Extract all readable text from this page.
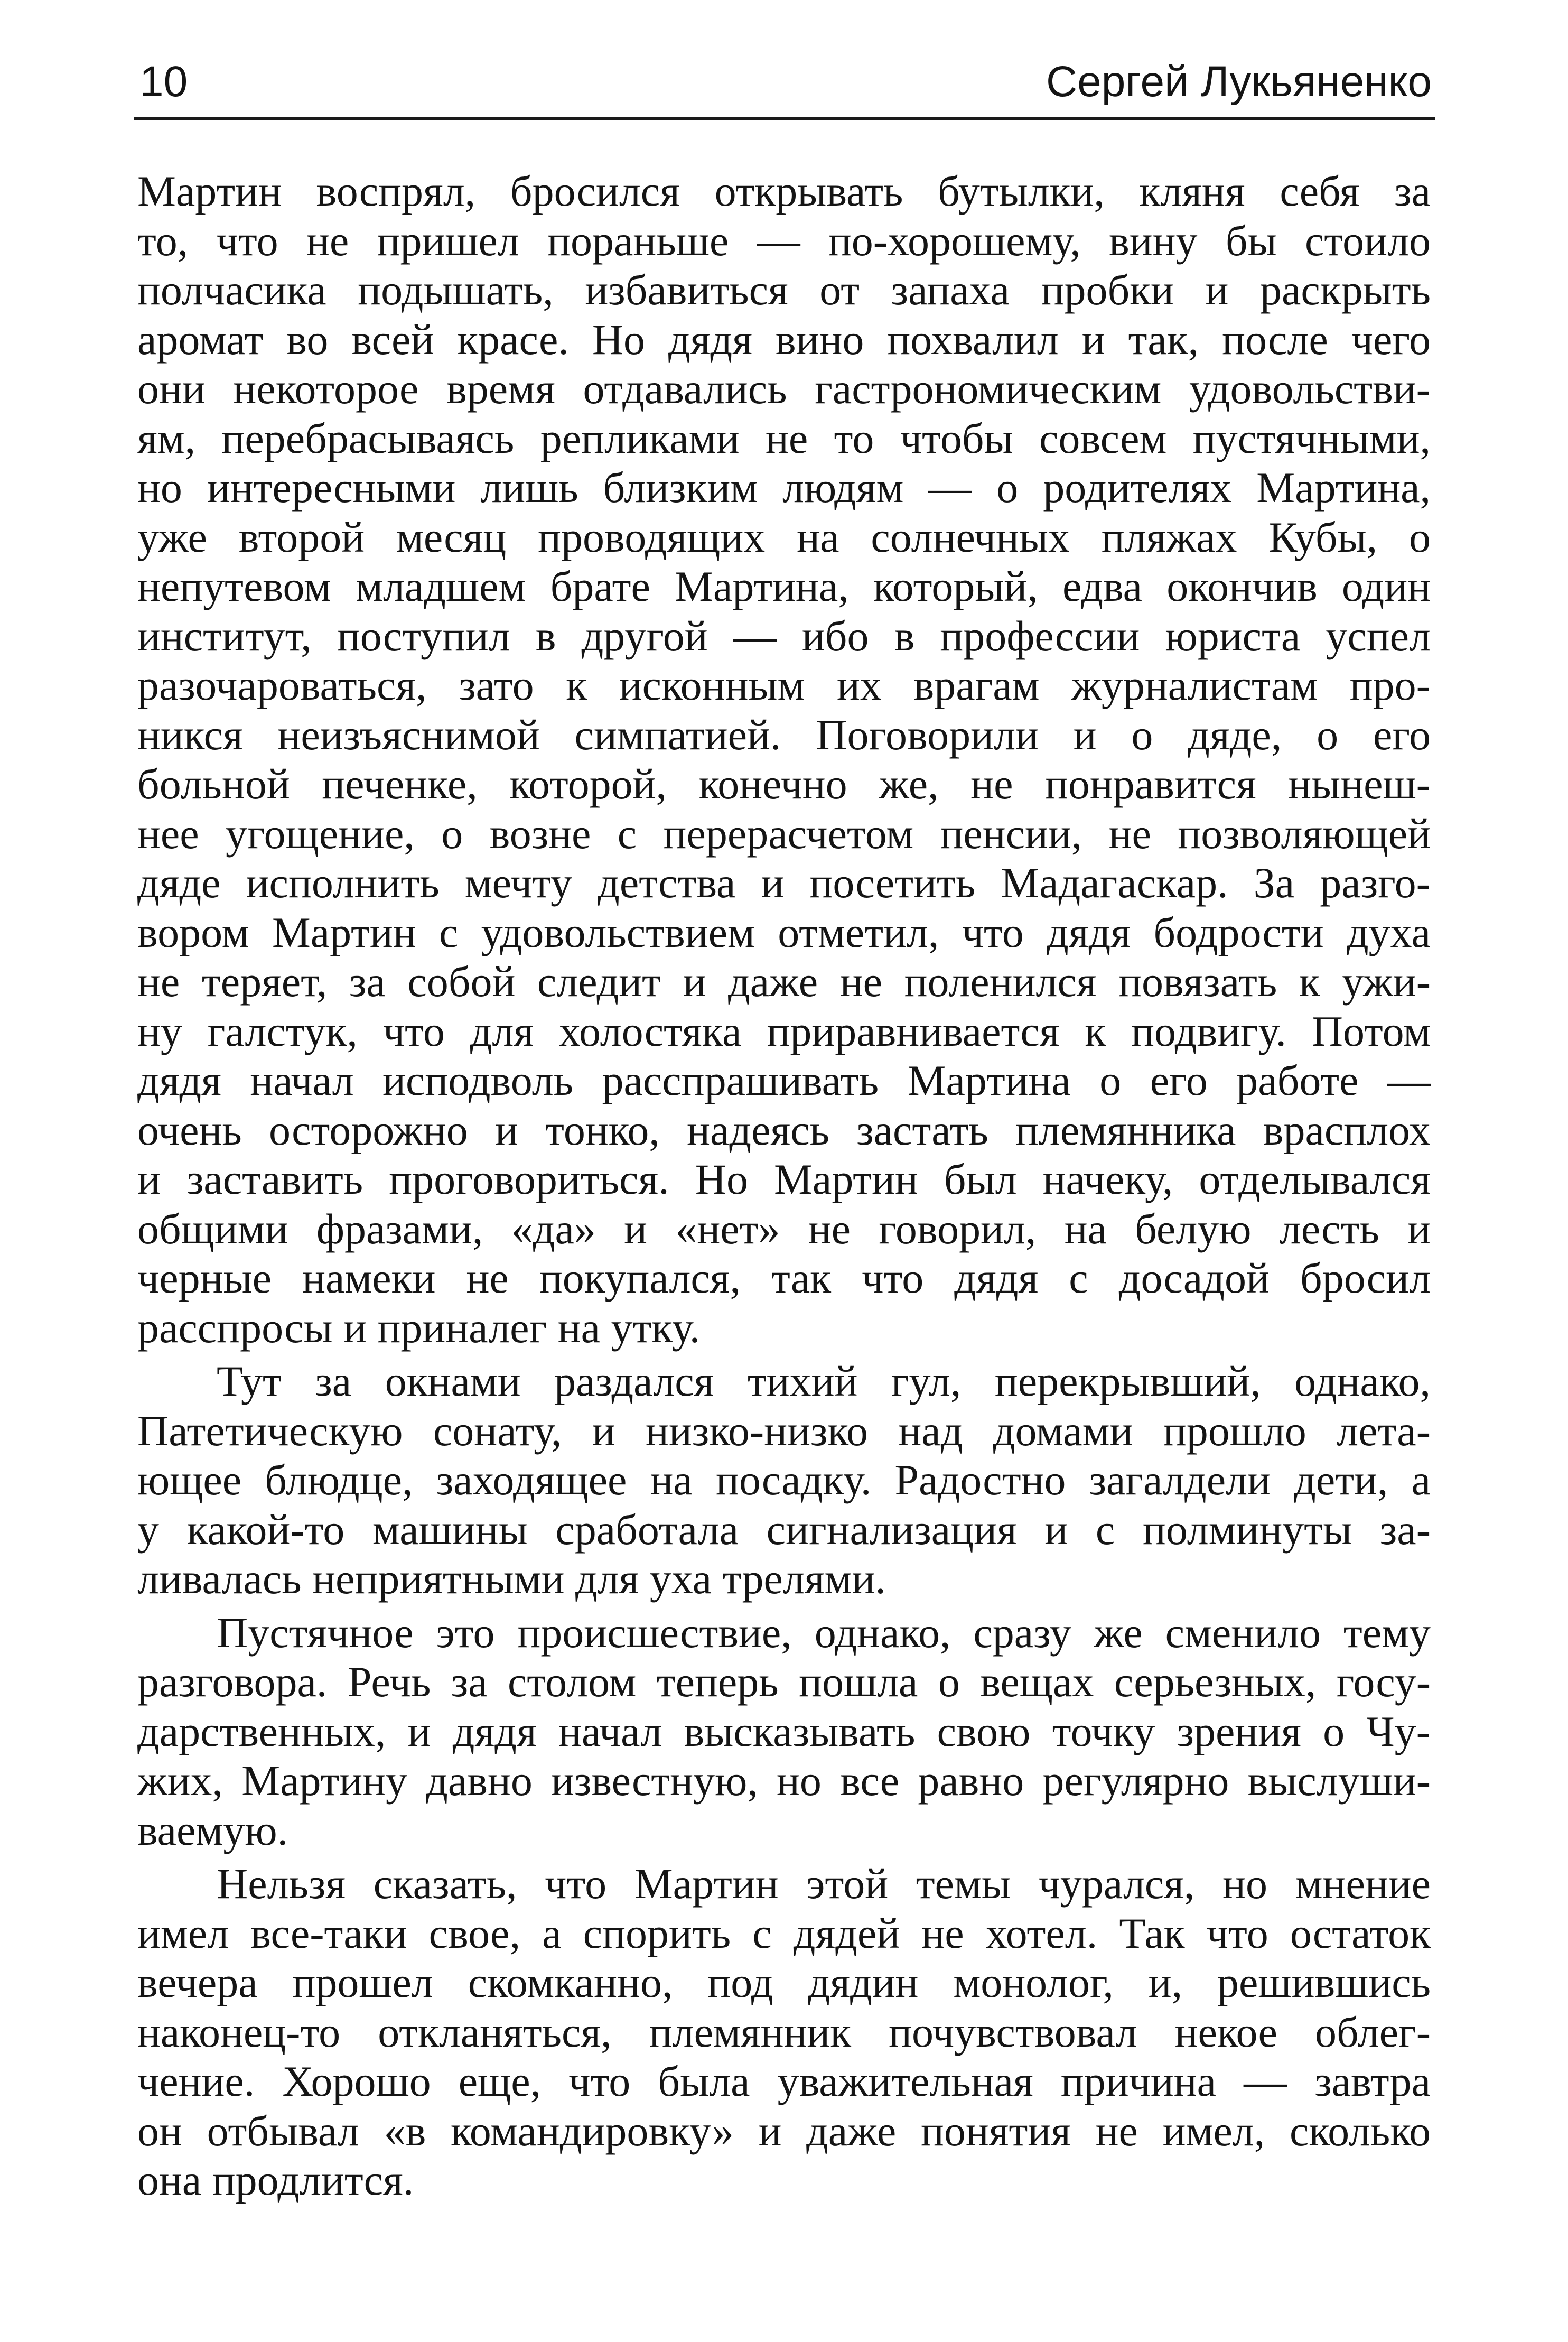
10	Сергей Лукьяненко
Мартин воспрял, бросился открывать бутылки, кляня себя за
то, что не пришел пораньше — по-хорошему, вину бы стоило
полчасика подышать, избавиться от запаха пробки и раскрыть
аромат во всей красе. Но дядя вино похвалил и так, после чего
они некоторое время отдавались гастрономическим удовольстви-
ям, перебрасываясь репликами не то чтобы совсем пустячными,
но интересными лишь близким людям — о родителях Мартина,
уже второй месяц проводящих на солнечных пляжах Кубы, о
непутевом младшем брате Мартина, который, едва окончив один
институт, поступил в другой — ибо в профессии юриста успел
разочароваться, зато к исконным их врагам журналистам про-
никся неизъяснимой симпатией. Поговорили и о дяде, о его
больной печенке, которой, конечно же, не понравится нынеш-
нее угощение, о возне с перерасчетом пенсии, не позволяющей
дяде исполнить мечту детства и посетить Мадагаскар. За разго-
вором Мартин с удовольствием отметил, что дядя бодрости духа
не теряет, за собой следит и даже не поленился повязать к ужи-
ну галстук, что для холостяка приравнивается к подвигу. Потом
дядя начал исподволь расспрашивать Мартина о его работе —
очень осторожно и тонко, надеясь застать племянника врасплох
и заставить проговориться. Но Мартин был начеку, отделывался
общими фразами, «да» и «нет» не говорил, на белую лесть и
черные намеки не покупался, так что дядя с досадой бросил
расспросы и приналег на утку.
Тут за окнами раздался тихий гул, перекрывший, однако,
Патетическую сонату, и низко-низко над домами прошло лета-
ющее блюдце, заходящее на посадку. Радостно загалдели дети, а
у какой-то машины сработала сигнализация и с полминуты за-
ливалась неприятными для уха трелями.
Пустячное это происшествие, однако, сразу же сменило тему
разговора. Речь за столом теперь пошла о вещах серьезных, госу-
дарственных, и дядя начал высказывать свою точку зрения о Чу-
жих, Мартину давно известную, но все равно регулярно выслуши-
ваемую.
Нельзя сказать, что Мартин этой темы чурался, но мнение
имел все-таки свое, а спорить с дядей не хотел. Так что остаток
вечера прошел скомканно, под дядин монолог, и, решившись
наконец-то откланяться, племянник почувствовал некое облег-
чение. Хорошо еще, что была уважительная причина — завтра
он отбывал «в командировку» и даже понятия не имел, сколько
она продлится.
